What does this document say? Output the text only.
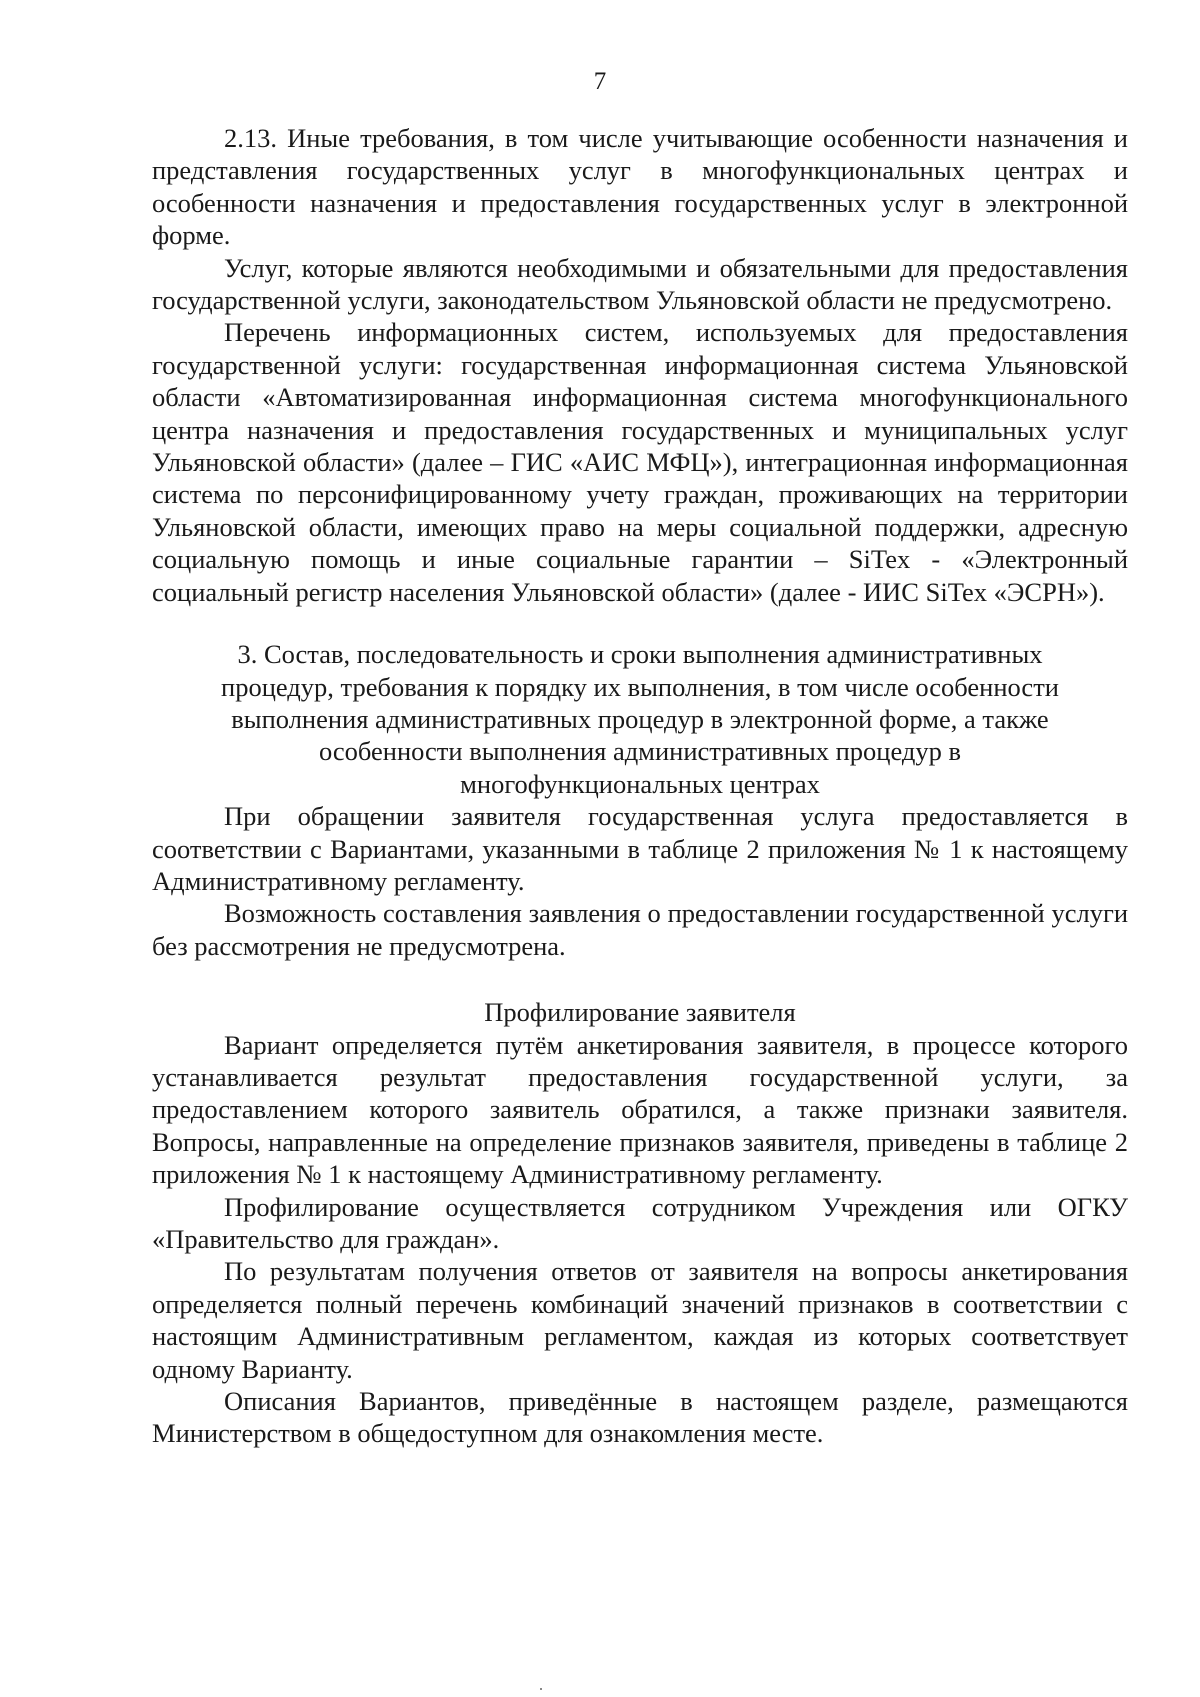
7

2.13. Иные требования, в том числе учитывающие особенности назначения и представления государственных услуг в многофункциональных центрах и особенности назначения и предоставления государственных услуг в электронной форме.

Услуг, которые являются необходимыми и обязательными для предоставления государственной услуги, законодательством Ульяновской области не предусмотрено.

Перечень информационных систем, используемых для предоставления государственной услуги: государственная информационная система Ульяновской области «Автоматизированная информационная система многофункционального центра назначения и предоставления государственных и муниципальных услуг Ульяновской области» (далее – ГИС «АИС МФЦ»), интеграционная информационная система по персонифицированному учету граждан, проживающих на территории Ульяновской области, имеющих право на меры социальной поддержки, адресную социальную помощь и иные социальные гарантии – SiTex - «Электронный социальный регистр населения Ульяновской области» (далее - ИИС SiTex «ЭСРН»).

3. Состав, последовательность и сроки выполнения административных
процедур, требования к порядку их выполнения, в том числе особенности
выполнения административных процедур в электронной форме, а также
особенности выполнения административных процедур в
многофункциональных центрах

При обращении заявителя государственная услуга предоставляется в соответствии с Вариантами, указанными в таблице 2 приложения № 1 к настоящему Административному регламенту.

Возможность составления заявления о предоставлении государственной услуги без рассмотрения не предусмотрена.

Профилирование заявителя

Вариант определяется путём анкетирования заявителя, в процессе которого устанавливается результат предоставления государственной услуги, за предоставлением которого заявитель обратился, а также признаки заявителя. Вопросы, направленные на определение признаков заявителя, приведены в таблице 2 приложения № 1 к настоящему Административному регламенту.

Профилирование осуществляется сотрудником Учреждения или ОГКУ «Правительство для граждан».

По результатам получения ответов от заявителя на вопросы анкетирования определяется полный перечень комбинаций значений признаков в соответствии с настоящим Административным регламентом, каждая из которых соответствует одному Варианту.

Описания Вариантов, приведённые в настоящем разделе, размещаются Министерством в общедоступном для ознакомления месте.
